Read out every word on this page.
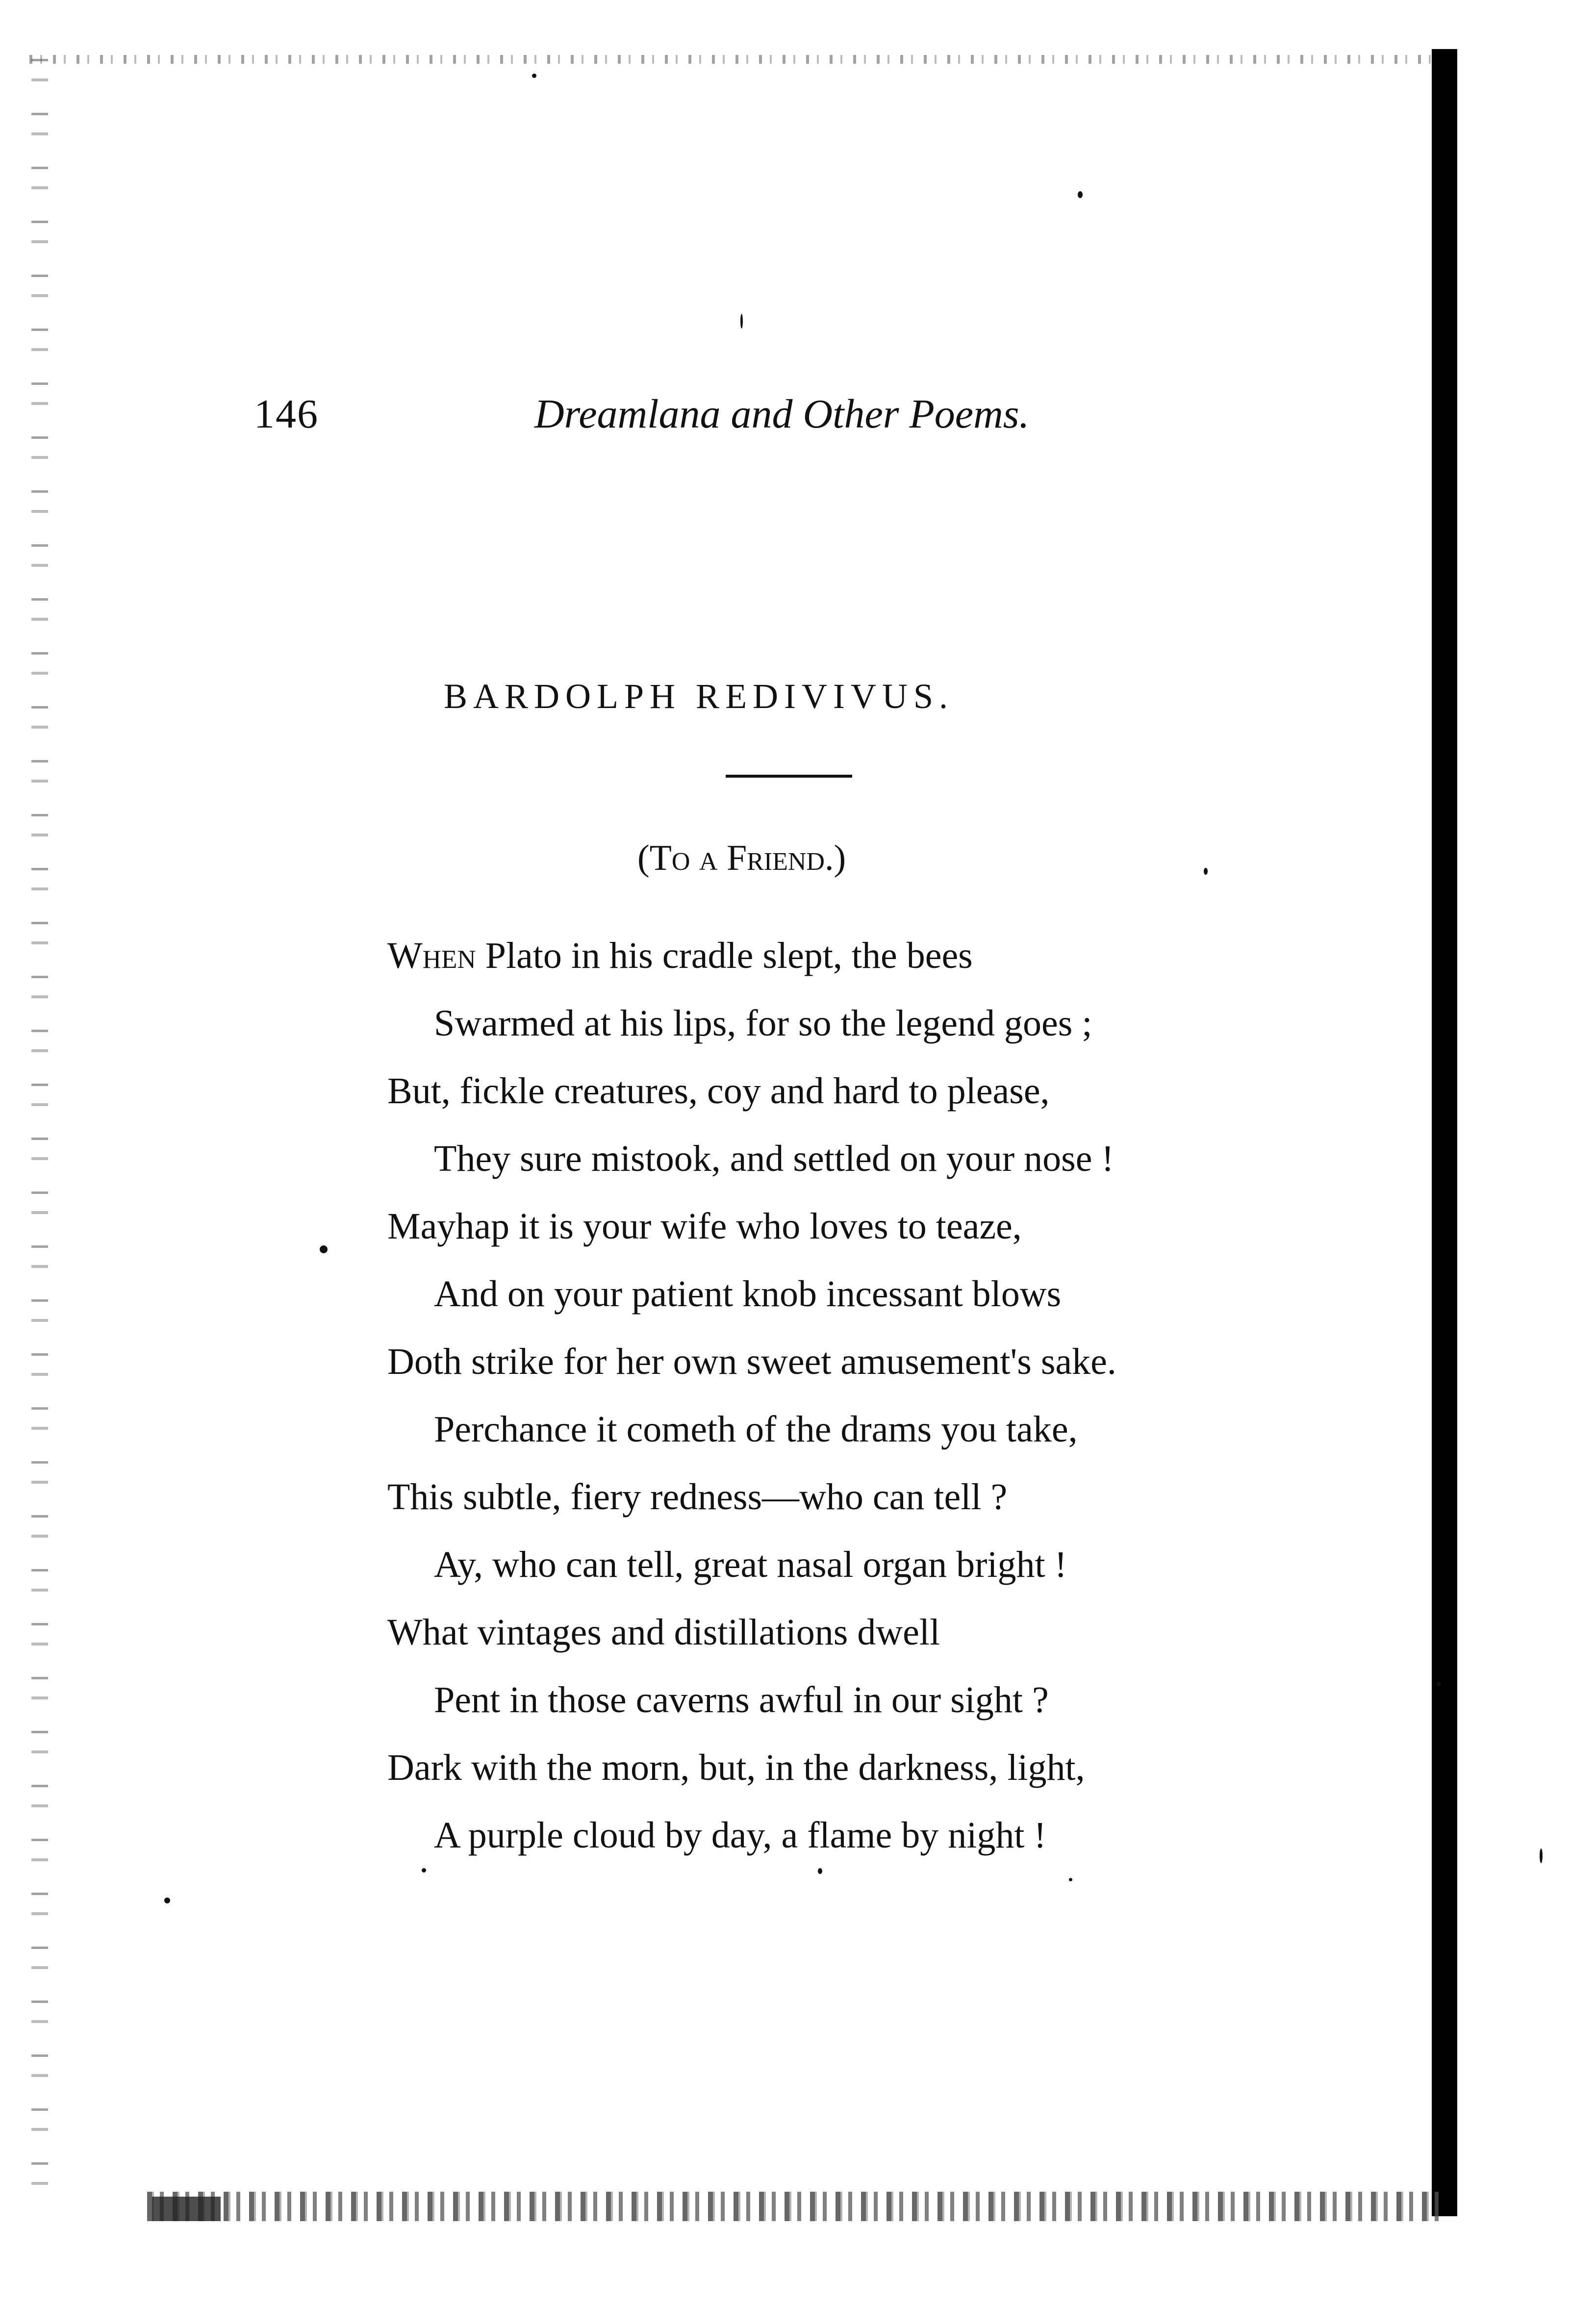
146	Dreamlana and Other Poems.
BARDOLPH REDIVIVUS.
(To a Friend.)
When Plato in his cradle slept, the bees
Swarmed at his lips, for so the legend goes ;
But, fickle creatures, coy and hard to please,
They sure mistook, and settled on your nose !
Mayhap it is your wife who loves to teaze,
And on your patient knob incessant blows
Doth strike for her own sweet amusement's sake.
Perchance it cometh of the drams you take,
This subtle, fiery redness—who can tell ?
Ay, who can tell, great nasal organ bright !
What vintages and distillations dwell
Pent in those caverns awful in our sight ?
Dark with the morn, but, in the darkness, light,
A purple cloud by day, a flame by night !
